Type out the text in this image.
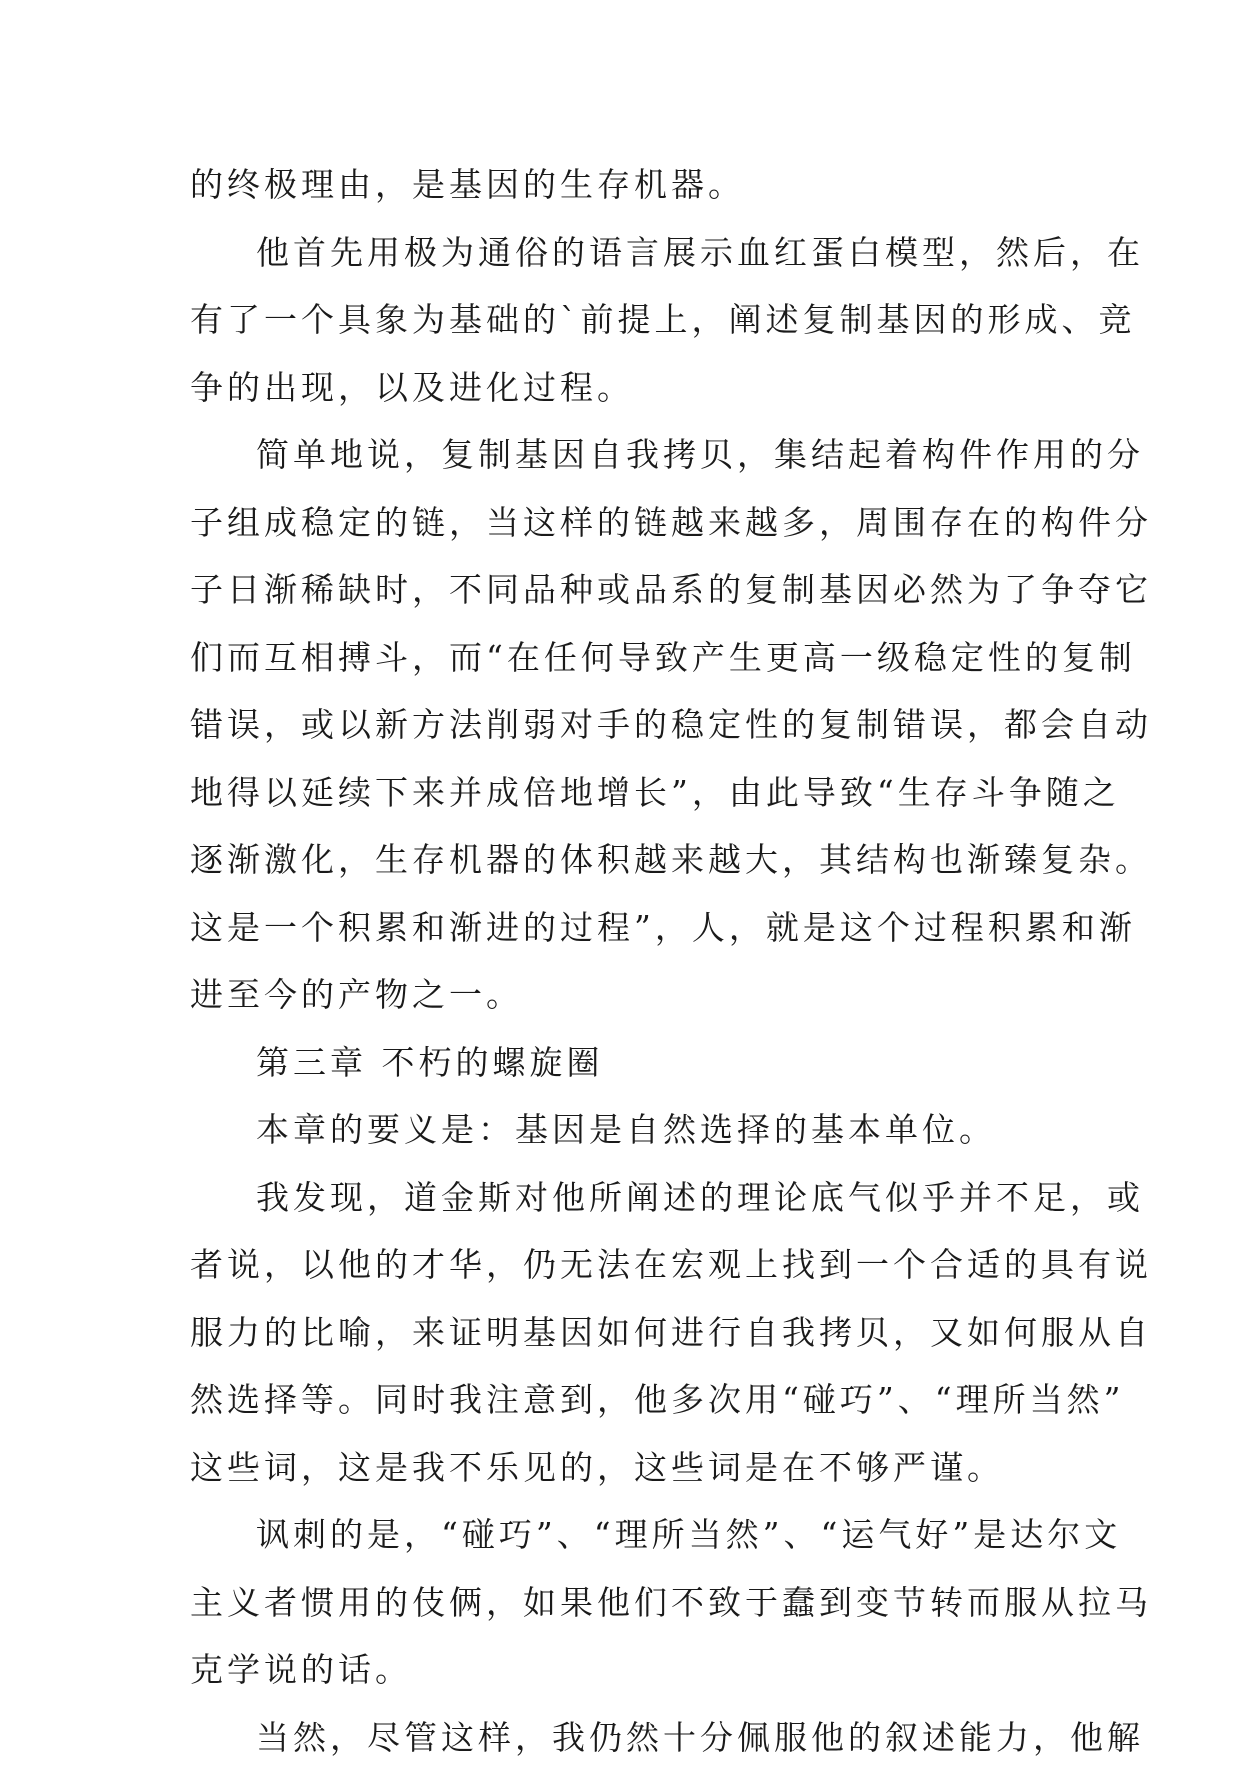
的终极理由，是基因的生存机器。
他首先用极为通俗的语言展示血红蛋白模型，然后，在
有了一个具象为基础的`前提上，阐述复制基因的形成、竞
争的出现，以及进化过程。
简单地说，复制基因自我拷贝，集结起着构件作用的分
子组成稳定的链，当这样的链越来越多，周围存在的构件分
子日渐稀缺时，不同品种或品系的复制基因必然为了争夺它
们而互相搏斗，而“在任何导致产生更高一级稳定性的复制
错误，或以新方法削弱对手的稳定性的复制错误，都会自动
地得以延续下来并成倍地增长”，由此导致“生存斗争随之
逐渐激化，生存机器的体积越来越大，其结构也渐臻复杂。
这是一个积累和渐进的过程”，人，就是这个过程积累和渐
进至今的产物之一。
第三章 不朽的螺旋圈
本章的要义是：基因是自然选择的基本单位。
我发现，道金斯对他所阐述的理论底气似乎并不足，或
者说，以他的才华，仍无法在宏观上找到一个合适的具有说
服力的比喻，来证明基因如何进行自我拷贝，又如何服从自
然选择等。同时我注意到，他多次用“碰巧”、“理所当然”
这些词，这是我不乐见的，这些词是在不够严谨。
讽刺的是，“碰巧”、“理所当然”、“运气好”是达尔文
主义者惯用的伎俩，如果他们不致于蠢到变节转而服从拉马
克学说的话。
当然，尽管这样，我仍然十分佩服他的叙述能力，他解
